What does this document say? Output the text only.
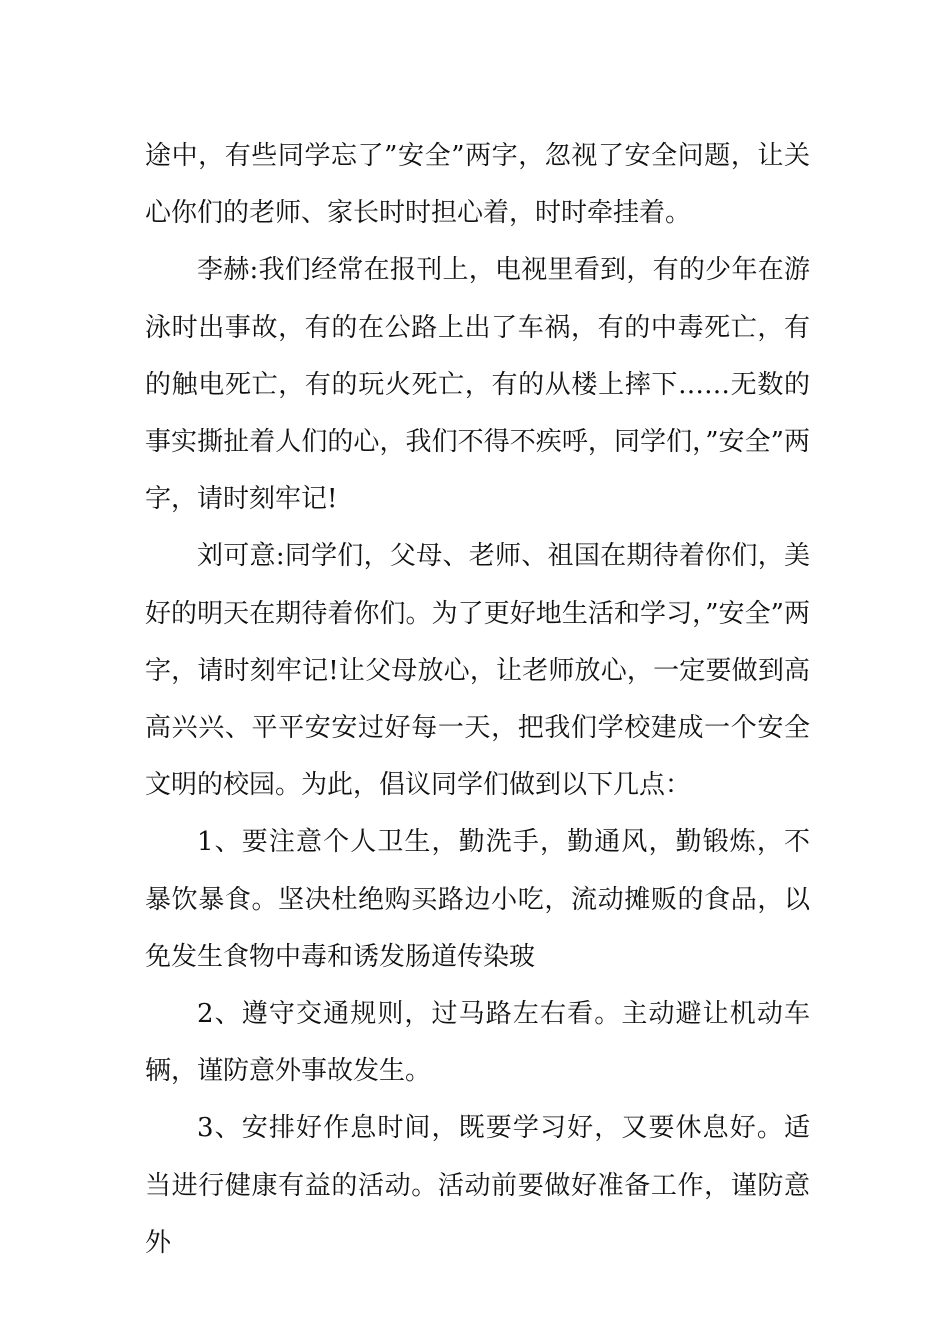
途中，有些同学忘了”安全”两字，忽视了安全问题，让关心你们的老师、家长时时担心着，时时牵挂着。

李赫:我们经常在报刊上，电视里看到，有的少年在游泳时出事故，有的在公路上出了车祸，有的中毒死亡，有的触电死亡，有的玩火死亡，有的从楼上摔下……无数的事实撕扯着人们的心，我们不得不疾呼，同学们，”安全”两字，请时刻牢记!

刘可意:同学们，父母、老师、祖国在期待着你们，美好的明天在期待着你们。为了更好地生活和学习，”安全”两字，请时刻牢记!让父母放心，让老师放心，一定要做到高高兴兴、平平安安过好每一天，把我们学校建成一个安全文明的校园。为此，倡议同学们做到以下几点：

1、要注意个人卫生，勤洗手，勤通风，勤锻炼，不暴饮暴食。坚决杜绝购买路边小吃，流动摊贩的食品，以免发生食物中毒和诱发肠道传染玻

2、遵守交通规则，过马路左右看。主动避让机动车辆，谨防意外事故发生。

3、安排好作息时间，既要学习好，又要休息好。适当进行健康有益的活动。活动前要做好准备工作，谨防意外
